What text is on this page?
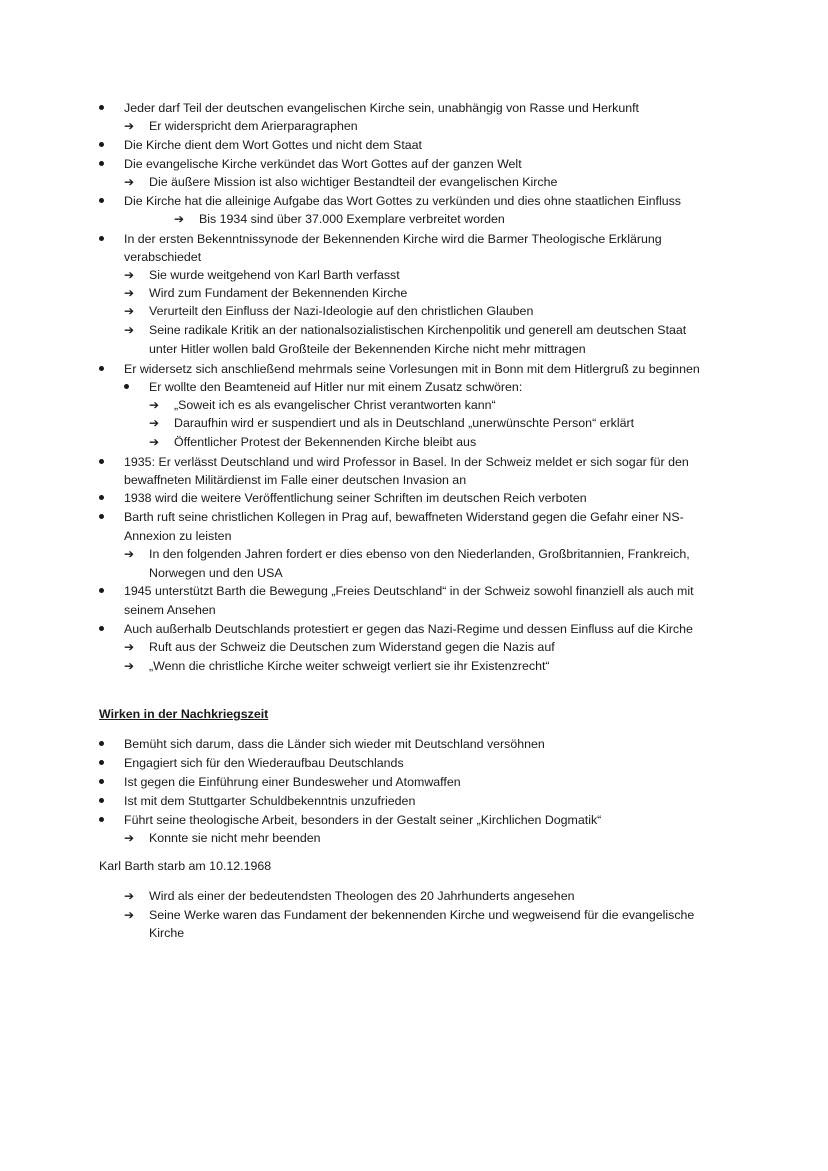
➔
➔
➔
➔
➔
➔
➔
➔
➔
➔
➔
➔
➔
➔
➔
➔
Jeder darf Teil der deutschen evangelischen Kirche sein, unabhängig von Rasse und Herkunft
Er widerspricht dem Arierparagraphen
Die Kirche dient dem Wort Gottes und nicht dem Staat
Die evangelische Kirche verkündet das Wort Gottes auf der ganzen Welt
Die äußere Mission ist also wichtiger Bestandteil der evangelischen Kirche
Die Kirche hat die alleinige Aufgabe das Wort Gottes zu verkünden und dies ohne staatlichen Einfluss
Bis 1934 sind über 37.000 Exemplare verbreitet worden
In der ersten Bekenntnissynode der Bekennenden Kirche wird die Barmer Theologische Erklärung
verabschiedet
Sie wurde weitgehend von Karl Barth verfasst
Wird zum Fundament der Bekennenden Kirche
Verurteilt den Einfluss der Nazi-Ideologie auf den christlichen Glauben
Seine radikale Kritik an der nationalsozialistischen Kirchenpolitik und generell am deutschen Staat
unter Hitler wollen bald Großteile der Bekennenden Kirche nicht mehr mittragen
Er widersetz sich anschließend mehrmals seine Vorlesungen mit in Bonn mit dem Hitlergruß zu beginnen
Er wollte den Beamteneid auf Hitler nur mit einem Zusatz schwören:
„Soweit ich es als evangelischer Christ verantworten kann“
Daraufhin wird er suspendiert und als in Deutschland „unerwünschte Person“ erklärt
Öffentlicher Protest der Bekennenden Kirche bleibt aus
1935: Er verlässt Deutschland und wird Professor in Basel. In der Schweiz meldet er sich sogar für den
bewaffneten Militärdienst im Falle einer deutschen Invasion an
1938 wird die weitere Veröffentlichung seiner Schriften im deutschen Reich verboten
Barth ruft seine christlichen Kollegen in Prag auf, bewaffneten Widerstand gegen die Gefahr einer NS-
Annexion zu leisten
In den folgenden Jahren fordert er dies ebenso von den Niederlanden, Großbritannien, Frankreich,
Norwegen und den USA
1945 unterstützt Barth die Bewegung „Freies Deutschland“ in der Schweiz sowohl finanziell als auch mit
seinem Ansehen
Auch außerhalb Deutschlands protestiert er gegen das Nazi-Regime und dessen Einfluss auf die Kirche
Ruft aus der Schweiz die Deutschen zum Widerstand gegen die Nazis auf
„Wenn die christliche Kirche weiter schweigt verliert sie ihr Existenzrecht“
Wirken in der Nachkriegszeit
Bemüht sich darum, dass die Länder sich wieder mit Deutschland versöhnen
Engagiert sich für den Wiederaufbau Deutschlands
Ist gegen die Einführung einer Bundesweher und Atomwaffen
Ist mit dem Stuttgarter Schuldbekenntnis unzufrieden
Führt seine theologische Arbeit, besonders in der Gestalt seiner „Kirchlichen Dogmatik“
Konnte sie nicht mehr beenden
Karl Barth starb am 10.12.1968
Wird als einer der bedeutendsten Theologen des 20 Jahrhunderts angesehen
Seine Werke waren das Fundament der bekennenden Kirche und wegweisend für die evangelische
Kirche
